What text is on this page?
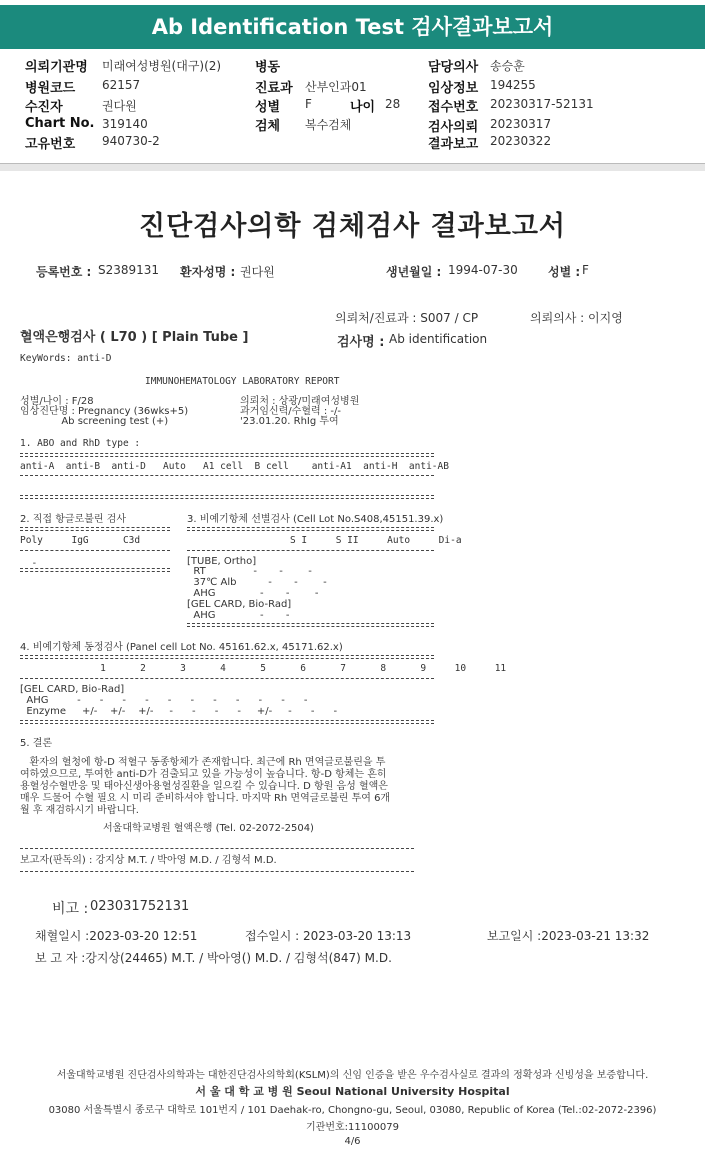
Ab Identification Test 검사결과보고서
의뢰기관명 미래여성병원(대구)(2)
병원코드 62157
수진자	권다원
Chart No. 319140
고유번호 940730-2
병동
진료과 산부인과01
성별 F	나이 28
검체 복수검체
담당의사 송승훈
임상정보 194255
접수번호 20230317-52131
검사의뢰 20230317
결과보고 20230322
진단검사의학 검체검사 결과보고서
등록번호 : S2389131 환자성명 : 권다원	생년월일 : 1994-07-30	성별 : F
의뢰처/진료과 : S007 / CP	의뢰의사 : 이지영
혈액은행검사 ( L70 ) [ Plain Tube ]	검사명 : Ab identification
KeyWords: anti-D
IMMUNOHEMATOLOGY LABORATORY REPORT
성별/나이 : F/28
임상진단명 : Pregnancy (36wks+5)
Ab screening test (+)
의뢰처 : 상광/미래여성병원
과거임신력/수혈력 : -/-
'23.01.20. RhIg 투여
1. ABO and RhD type :
anti-A  anti-B  anti-D   Auto   A1 cell  B cell    anti-A1  anti-H  anti-AB
2. 직접 항글로불린 검사
Poly     IgG      C3d
-
3. 비예기항체 선별검사 (Cell Lot No.S408,45151.39.x)
S I     S II     Auto     Di-a
[TUBE, Ortho]
RT               -       -        -
37℃ Alb          -       -        -
AHG              -       -        -
[GEL CARD, Bio-Rad]
AHG              -       -
4. 비예기항체 동정검사 (Panel cell Lot No. 45161.62.x, 45171.62.x)
1      2      3      4      5      6      7      8      9     10     11
[GEL CARD, Bio-Rad]
AHG         -      -      -      -      -      -      -      -      -      -      -
Enzyme     +/-    +/-    +/-     -      -      -      -     +/-     -      -      -
5. 결론
환자의 혈청에 항-D 적혈구 동종항체가 존재합니다. 최근에 Rh 면역글로불린을 투
여하였으므로, 투여한 anti-D가 검출되고 있을 가능성이 높습니다. 항-D 항체는 흔히
용혈성수혈반응 및 태아신생아용혈성질환을 일으킬 수 있습니다. D 항원 음성 혈액은
매우 드물어 수혈 필요 시 미리 준비하셔야 합니다. 마지막 Rh 면역글로불린 투여 6개
월 후 재검하시기 바랍니다.
서울대학교병원 혈액은행 (Tel. 02-2072-2504)
보고자(판독의) : 강지상 M.T. / 박아영 M.D. / 김형석 M.D.
비고 : 023031752131
채혈일시 :2023-03-20 12:51	접수일시 : 2023-03-20 13:13	보고일시 :2023-03-21 13:32
보 고 자 :강지상(24465) M.T. / 박아영() M.D. / 김형석(847) M.D.
서울대학교병원 진단검사의학과는 대한진단검사의학회(KSLM)의 신임 인증을 받은 우수검사실로 결과의 정확성과 신빙성을 보증합니다.
서 울 대 학 교 병 원 Seoul National University Hospital
03080 서울특별시 종로구 대학로 101번지 / 101 Daehak-ro, Chongno-gu, Seoul, 03080, Republic of Korea (Tel.:02-2072-2396)
기관번호:11100079
4/6
